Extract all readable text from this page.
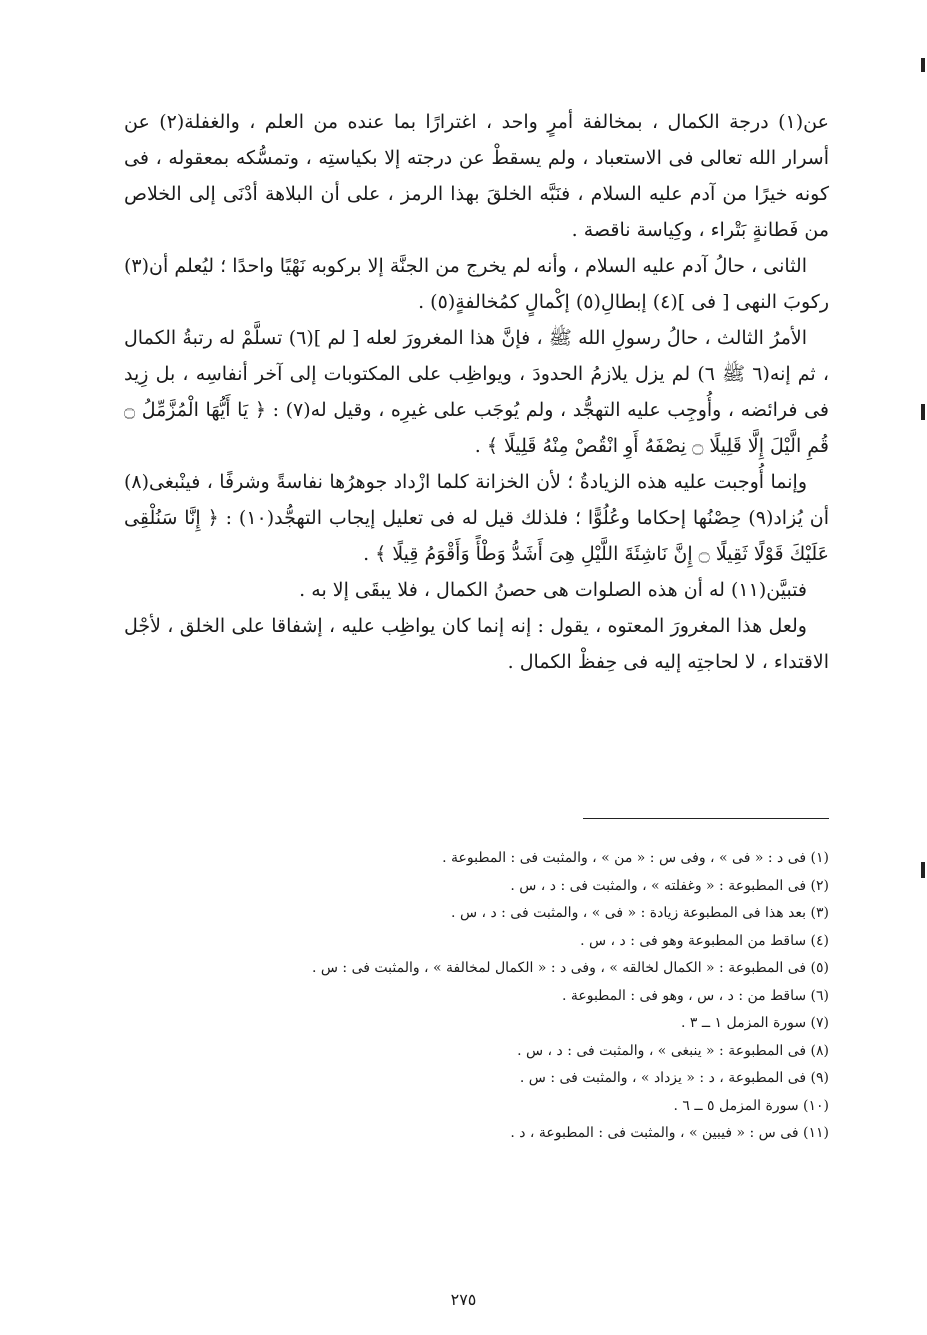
عن(١) درجة الكمال ، بمخالفة أمرٍ واحد ، اغترارًا بما عنده من العلم ، والغفلة(٢) عن أسرار الله تعالى فى الاستعباد ، ولم يسقطْ عن درجته إلا بكياستِه ، وتمسُّكه بمعقوله ، فى كونه خيرًا من آدم عليه السلام ، فنَبَّه الخلقَ بهذا الرمز ، على أن البلاهة أدْنَى إلى الخلاص من فَطانةٍ بَتْراء ، وكِياسة ناقصة .

الثانى ، حالُ آدم عليه السلام ، وأنه لم يخرج من الجنَّة إلا بركوبه نَهْيًا واحدًا ؛ ليُعلم أن(٣) ركوبَ النهى [ فى ](٤) إبطالِ(٥) إكْمالٍ كمُخالفةٍ(٥) .

الأمرُ الثالث ، حالُ رسولِ الله ﷺ ، فإنَّ هذا المغرورَ لعله [ لم ](٦) تسلَّمْ له رتبةُ الكمال ، ثم إنه(٦ ﷺ ٦) لم يزل يلازمُ الحدودَ ، ويواظِب على المكتوبات إلى آخر أنفاسِه ، بل زِيد فى فرائضه ، وأُوجِب عليه التهجُّد ، ولم يُوجَب على غيرِه ، وقيل له(٧) : ﴿ يَا أَيُّهَا الْمُزَّمِّلُ ۝ قُمِ الَّيْلَ إِلَّا قَلِيلًا ۝ نِصْفَهُ أَوِ انْقُصْ مِنْهُ قَلِيلًا ﴾ .

وإنما أُوجبت عليه هذه الزيادةُ ؛ لأن الخزانة كلما ازْداد جوهرُها نفاسةً وشرفًا ، فينْبغى(٨) أن يُزاد(٩) حِصْنُها إحكاما وعُلُوًّا ؛ فلذلك قيل له فى تعليل إيجاب التهجُّد(١٠) : ﴿ إِنَّا سَنُلْقِى عَلَيْكَ قَوْلًا ثَقِيلًا ۝ إِنَّ نَاشِئَةَ اللَّيْلِ هِىَ أَشَدُّ وَطْأً وَأَقْوَمُ قِيلًا ﴾ .

فتبيَّن(١١) له أن هذه الصلوات هى حصنُ الكمال ، فلا يبقَى إلا به .

ولعل هذا المغرورَ المعتوه ، يقول : إنه إنما كان يواظِب عليه ، إشفاقا على الخلق ، لأجْل الاقتداء ، لا لحاجتِه إليه فى حِفظْ الكمال .

(١) فى د : « فى » ، وفى س : « من » ، والمثبت فى : المطبوعة .

(٢) فى المطبوعة : « وغفلته » ، والمثبت فى : د ، س .

(٣) بعد هذا فى المطبوعة زيادة : « فى » ، والمثبت فى : د ، س .

(٤) ساقط من المطبوعة وهو فى : د ، س .

(٥) فى المطبوعة : « الكمال لخالقه » ، وفى د : « الكمال لمخالفة » ، والمثبت فى : س .

(٦) ساقط من : د ، س ، وهو فى : المطبوعة .

(٧) سورة المزمل ١ ــ ٣ .

(٨) فى المطبوعة : « ينبغى » ، والمثبت فى : د ، س .

(٩) فى المطبوعة ، د : « يزداد » ، والمثبت فى : س .

(١٠) سورة المزمل ٥ ــ ٦ .

(١١) فى س : « فيبين » ، والمثبت فى : المطبوعة ، د .

٢٧٥
